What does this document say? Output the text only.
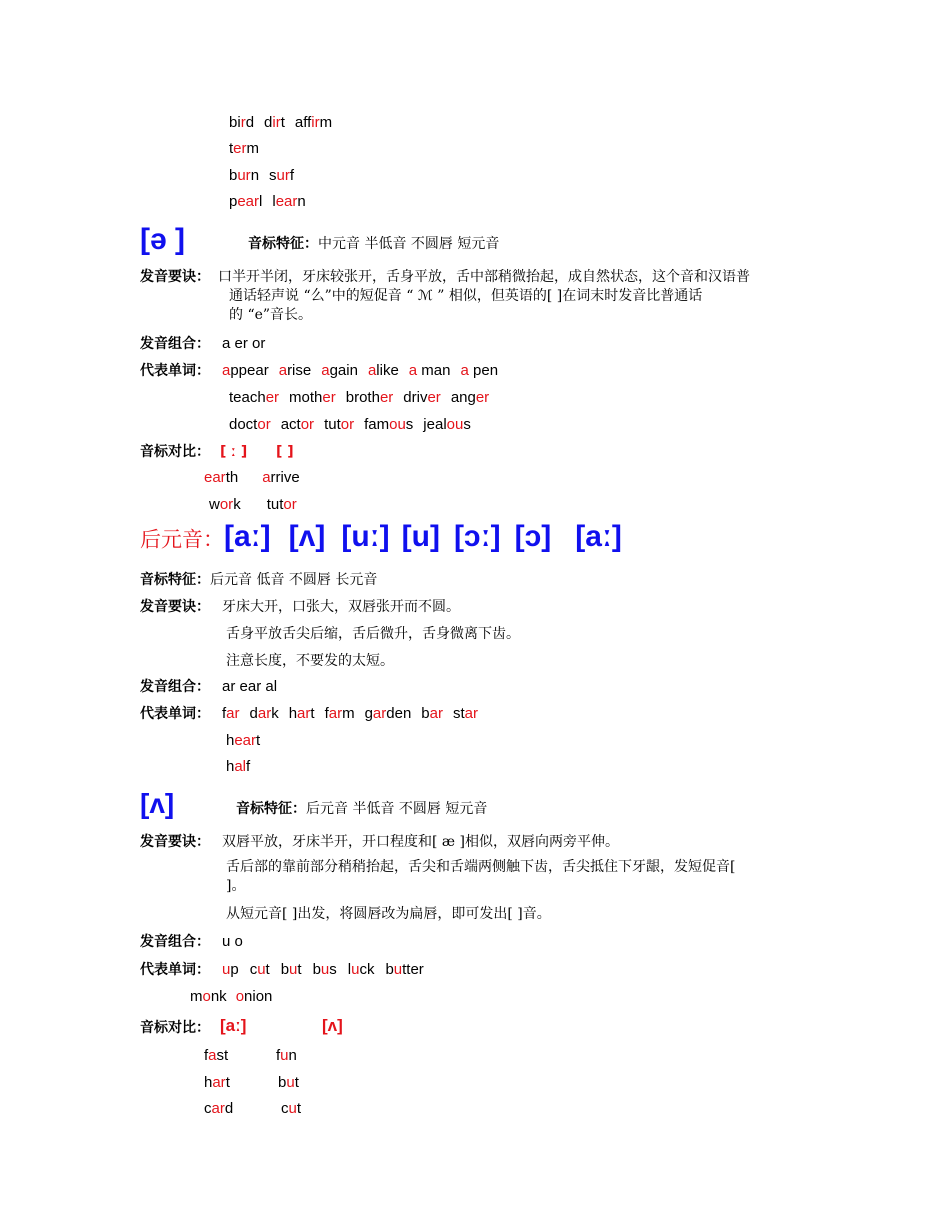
bird dirt affirm
term
burn surf
pearl learn
[ə ]	音标特征：中元音 半低音 不圆唇 短元音
发音要诀： 口半开半闭，牙床较张开，舌身平放，舌中部稍微抬起，成自然状态，这个音和汉语普
通话轻声说 “么”中的短促音 “ ℳ ” 相似，但英语的[ ]在词末时发音比普通话
的 “e”音长。
发音组合： a er or
代表单词： appear arise again alike a man a pen
teacher mother brother driver anger
doctor actor tutor famous jealous
音标对比： [ ː ] [ ]
earth arrive
work tutor
后元音：[aː] [ʌ] [uː] [u] [ɔː] [ɔ] [aː]
音标特征：后元音 低音 不圆唇 长元音
发音要诀： 牙床大开，口张大，双唇张开而不圆。
舌身平放舌尖后缩，舌后微升，舌身微离下齿。
注意长度，不要发的太短。
发音组合： ar ear al
代表单词： far dark hart farm garden bar star
heart
half
[ʌ]	音标特征：后元音 半低音 不圆唇 短元音
发音要诀： 双唇平放，牙床半开，开口程度和[ æ ]相似，双唇向两旁平伸。
舌后部的靠前部分稍稍抬起，舌尖和舌端两侧触下齿，舌尖抵住下牙龈，发短促音[
]。
从短元音[ ]出发，将圆唇改为扁唇，即可发出[ ]音。
发音组合： u o
代表单词： up cut but bus luck butter
monk onion
音标对比： [aː]	[ʌ]
fast	fun
hart	but
card	cut
